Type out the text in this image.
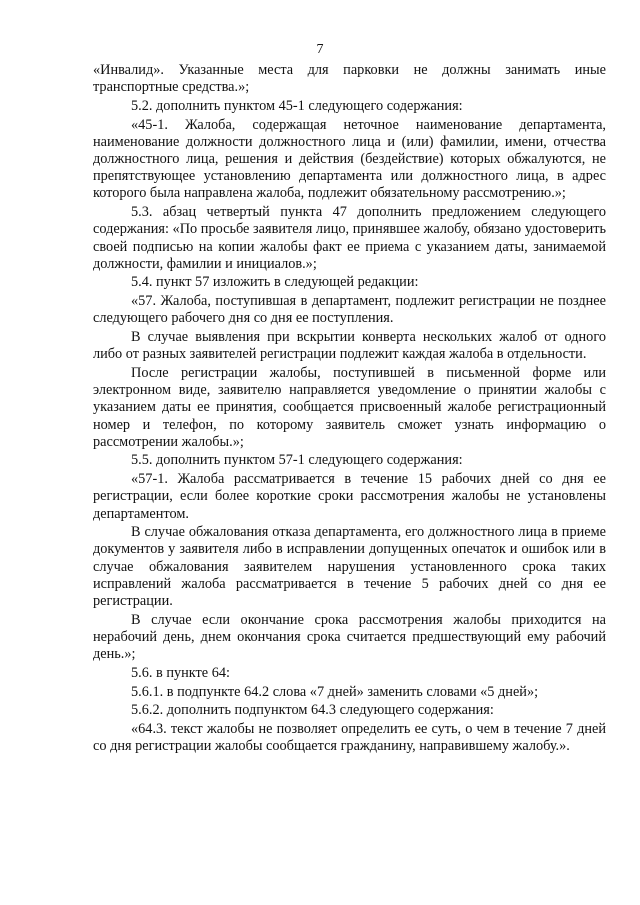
7

«Инвалид». Указанные места для парковки не должны занимать иные транспортные средства.»;

5.2. дополнить пунктом 45-1 следующего содержания:

«45-1. Жалоба, содержащая неточное наименование департамента, наименование должности должностного лица и (или) фамилии, имени, отчества должностного лица, решения и действия (бездействие) которых обжалуются, не препятствующее установлению департамента или должностного лица, в адрес которого была направлена жалоба, подлежит обязательному рассмотрению.»;

5.3. абзац четвертый пункта 47 дополнить предложением следующего содержания: «По просьбе заявителя лицо, принявшее жалобу, обязано удостоверить своей подписью на копии жалобы факт ее приема с указанием даты, занимаемой должности, фамилии и инициалов.»;

5.4. пункт 57 изложить в следующей редакции:

«57. Жалоба, поступившая в департамент, подлежит регистрации не позднее следующего рабочего дня со дня ее поступления.

В случае выявления при вскрытии конверта нескольких жалоб от одного либо от разных заявителей регистрации подлежит каждая жалоба в отдельности.

После регистрации жалобы, поступившей в письменной форме или электронном виде, заявителю направляется уведомление о принятии жалобы с указанием даты ее принятия, сообщается присвоенный жалобе регистрационный номер и телефон, по которому заявитель сможет узнать информацию о рассмотрении жалобы.»;

5.5. дополнить пунктом 57-1 следующего содержания:

«57-1. Жалоба рассматривается в течение 15 рабочих дней со дня ее регистрации, если более короткие сроки рассмотрения жалобы не установлены департаментом.

В случае обжалования отказа департамента, его должностного лица в приеме документов у заявителя либо в исправлении допущенных опечаток и ошибок или в случае обжалования заявителем нарушения установленного срока таких исправлений жалоба рассматривается в течение 5 рабочих дней со дня ее регистрации.

В случае если окончание срока рассмотрения жалобы приходится на нерабочий день, днем окончания срока считается предшествующий ему рабочий день.»;

5.6. в пункте 64:

5.6.1. в подпункте 64.2 слова «7 дней» заменить словами «5 дней»;

5.6.2. дополнить подпунктом 64.3 следующего содержания:

«64.3. текст жалобы не позволяет определить ее суть, о чем в течение 7 дней со дня регистрации жалобы сообщается гражданину, направившему жалобу.».
